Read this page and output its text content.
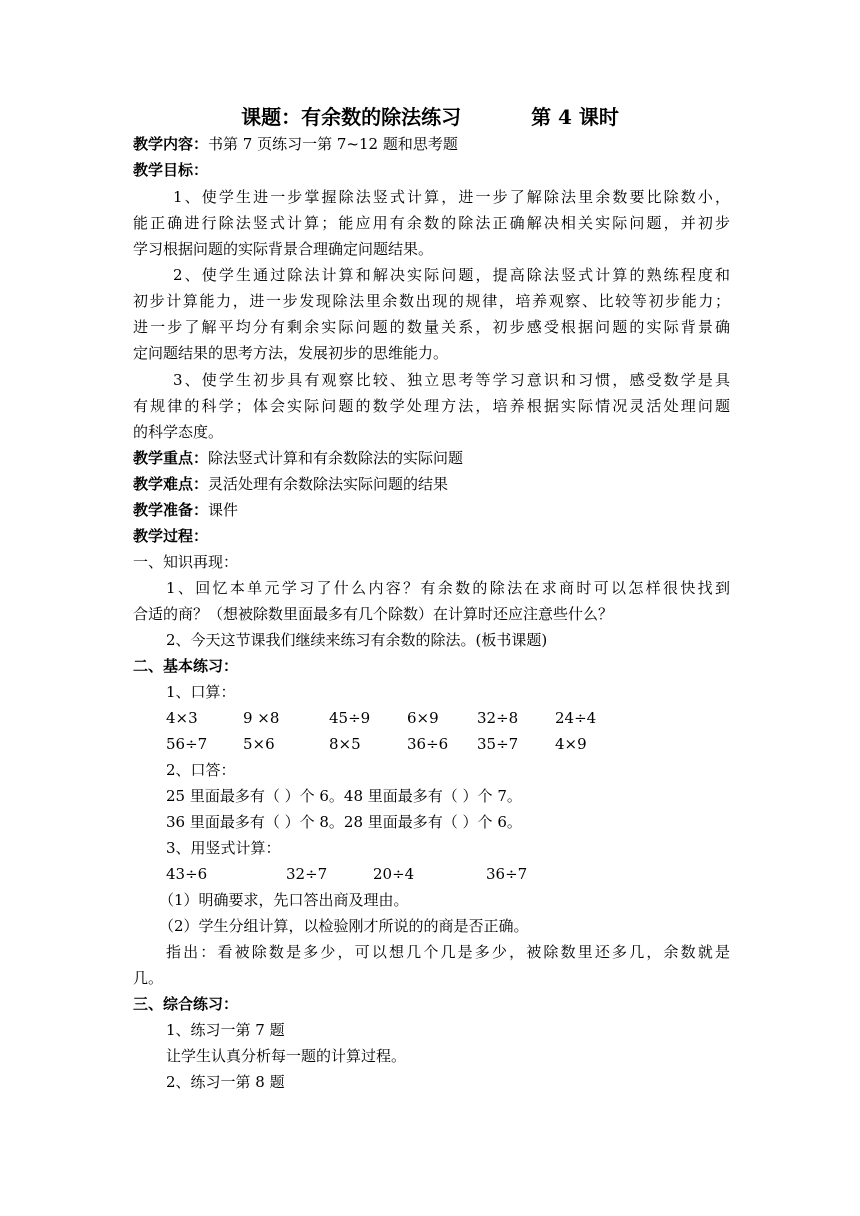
课题：有余数的除法练习	第 4 课时
教学内容：书第 7 页练习一第 7~12 题和思考题
教学目标：
1、使学生进一步掌握除法竖式计算，进一步了解除法里余数要比除数小，
能正确进行除法竖式计算；能应用有余数的除法正确解决相关实际问题，并初步
学习根据问题的实际背景合理确定问题结果。
2、使学生通过除法计算和解决实际问题，提高除法竖式计算的熟练程度和
初步计算能力，进一步发现除法里余数出现的规律，培养观察、比较等初步能力；
进一步了解平均分有剩余实际问题的数量关系，初步感受根据问题的实际背景确
定问题结果的思考方法，发展初步的思维能力。
3、使学生初步具有观察比较、独立思考等学习意识和习惯，感受数学是具
有规律的科学；体会实际问题的数学处理方法，培养根据实际情况灵活处理问题
的科学态度。
教学重点：除法竖式计算和有余数除法的实际问题
教学难点：灵活处理有余数除法实际问题的结果
教学准备：课件
教学过程：
一、知识再现：
1、回忆本单元学习了什么内容？有余数的除法在求商时可以怎样很快找到
合适的商？（想被除数里面最多有几个除数）在计算时还应注意些什么？
2、今天这节课我们继续来练习有余数的除法。(板书课题)
二、基本练习：
1、口算：
4×3	9 ×8	45÷9 6×9	32÷8 24÷4
56÷7 5×6	8×5	36÷6 35÷7 4×9
2、口答：
25 里面最多有（ ）个 6。48 里面最多有（ ）个 7。
36 里面最多有（ ）个 8。28 里面最多有（ ）个 6。
3、用竖式计算：
43÷6	32÷7	20÷4	36÷7
（1）明确要求，先口答出商及理由。
（2）学生分组计算，以检验刚才所说的的商是否正确。
指出：看被除数是多少，可以想几个几是多少，被除数里还多几，余数就是
几。
三、综合练习：
1、练习一第 7 题
让学生认真分析每一题的计算过程。
2、练习一第 8 题
